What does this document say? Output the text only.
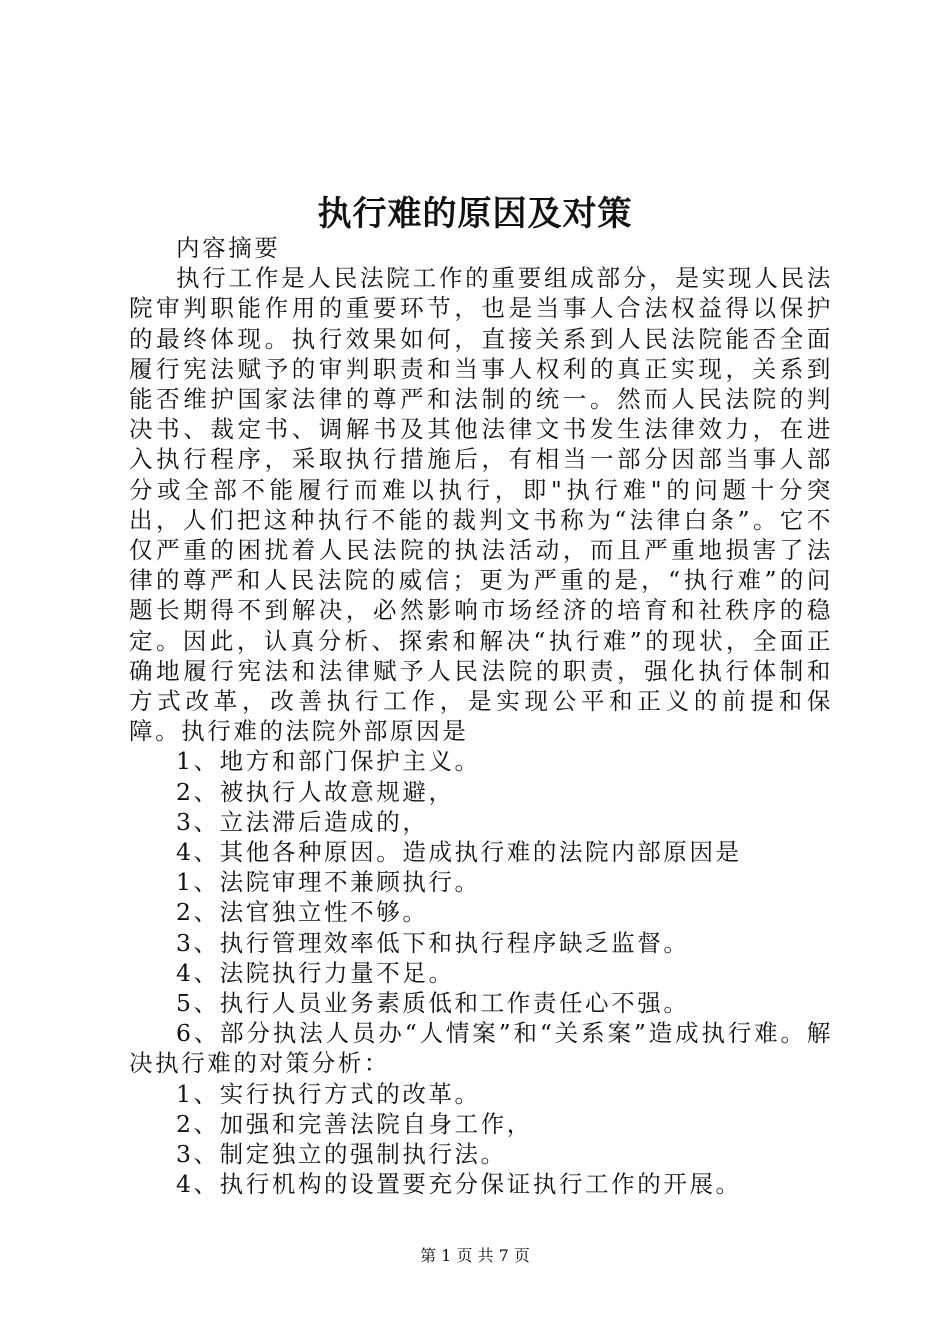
执行难的原因及对策

内容摘要

执行工作是人民法院工作的重要组成部分，是实现人民法院审判职能作用的重要环节，也是当事人合法权益得以保护的最终体现。执行效果如何，直接关系到人民法院能否全面履行宪法赋予的审判职责和当事人权利的真正实现，关系到能否维护国家法律的尊严和法制的统一。然而人民法院的判决书、裁定书、调解书及其他法律文书发生法律效力，在进入执行程序，采取执行措施后，有相当一部分因部当事人部分或全部不能履行而难以执行，即"执行难"的问题十分突出，人们把这种执行不能的裁判文书称为“法律白条”。它不仅严重的困扰着人民法院的执法活动，而且严重地损害了法律的尊严和人民法院的威信；更为严重的是，“执行难”的问题长期得不到解决，必然影响市场经济的培育和社秩序的稳定。因此，认真分析、探索和解决“执行难”的现状，全面正确地履行宪法和法律赋予人民法院的职责，强化执行体制和方式改革，改善执行工作，是实现公平和正义的前提和保障。执行难的法院外部原因是

1、地方和部门保护主义。

2、被执行人故意规避，

3、立法滞后造成的，

4、其他各种原因。造成执行难的法院内部原因是

1、法院审理不兼顾执行。

2、法官独立性不够。

3、执行管理效率低下和执行程序缺乏监督。

4、法院执行力量不足。

5、执行人员业务素质低和工作责任心不强。

6、部分执法人员办“人情案”和“关系案”造成执行难。解决执行难的对策分析：

1、实行执行方式的改革。

2、加强和完善法院自身工作，

3、制定独立的强制执行法。

4、执行机构的设置要充分保证执行工作的开展。

第 1 页 共 7 页
